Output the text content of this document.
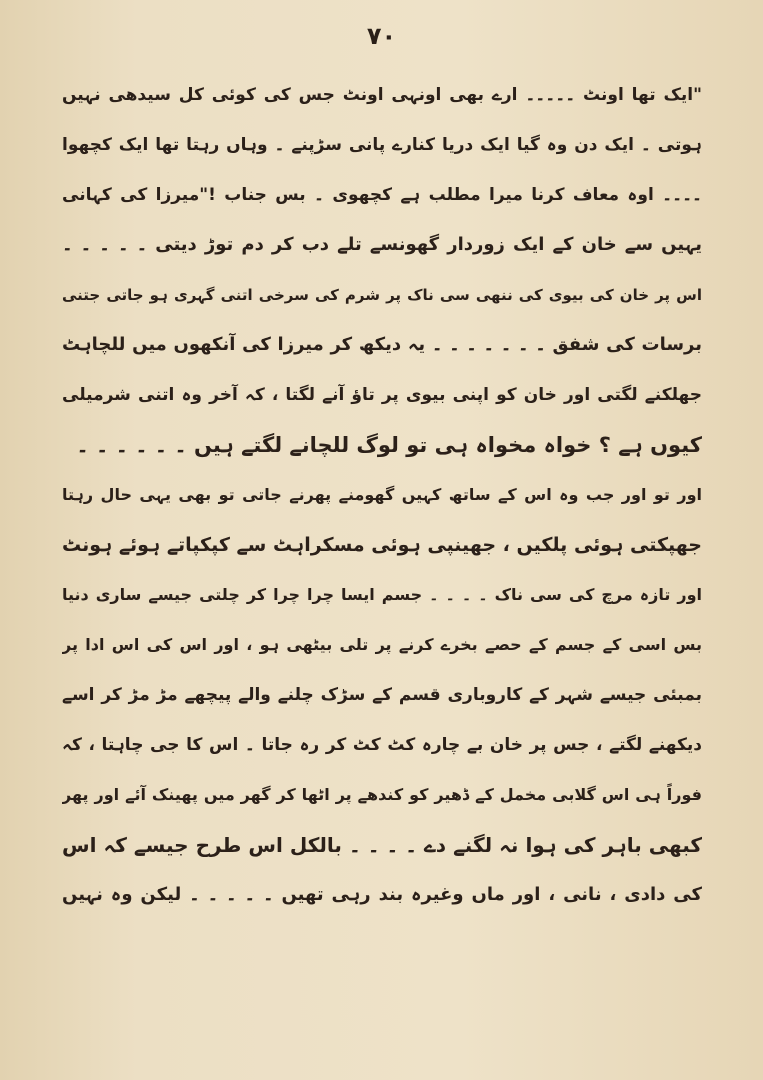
۷۰
"ایک تھا اونٹ ۔۔۔۔۔ ارے بھی اونہی اونٹ جس کی کوئی کل سیدھی نہیں
ہوتی ۔ ایک دن وہ گیا ایک دریا کنارے پانی سڑپنے ۔ وہاں رہتا تھا ایک کچھوا
۔۔۔۔ اوہ معاف کرنا میرا مطلب ہے کچھوی ۔ بس جناب !"میرزا کی کہانی
یہیں سے خان کے ایک زوردار گھونسے تلے دب کر دم توڑ دیتی ۔ ۔ ۔ ۔ ۔
اس پر خان کی بیوی کی ننھی سی ناک پر شرم کی سرخی اتنی گہری ہو جاتی جتنی
برسات کی شفق ۔ ۔ ۔ ۔ ۔ ۔ ۔ یہ دیکھ کر میرزا کی آنکھوں میں للچاہٹ
جھلکنے لگتی اور خان کو اپنی بیوی پر تاؤ آنے لگتا ، کہ آخر وہ اتنی شرمیلی
کیوں ہے ؟ خواہ مخواہ ہی تو لوگ للچانے لگتے ہیں ۔ ۔ ۔ ۔ ۔ ۔
اور تو اور جب وہ اس کے ساتھ کہیں گھومنے پھرنے جاتی تو بھی یہی حال رہتا
جھپکتی ہوئی پلکیں ، جھینپی ہوئی مسکراہٹ سے کپکپاتے ہوئے ہونٹ
اور تازہ مرچ کی سی ناک ۔ ۔ ۔ ۔ جسم ایسا چرا چرا کر چلتی جیسے ساری دنیا
بس اسی کے جسم کے حصے بخرے کرنے پر تلی بیٹھی ہو ، اور اس کی اس ادا پر
بمبئی جیسے شہر کے کاروباری قسم کے سڑک چلنے والے پیچھے مڑ مڑ کر اسے
دیکھنے لگتے ، جس پر خان بے چارہ کٹ کٹ کر رہ جاتا ۔ اس کا جی چاہتا ، کہ
فوراً ہی اس گلابی مخمل کے ڈھیر کو کندھے پر اٹھا کر گھر میں پھینک آئے اور پھر
کبھی باہر کی ہوا نہ لگنے دے ۔ ۔ ۔ ۔ بالکل اس طرح جیسے کہ اس
کی دادی ، نانی ، اور ماں وغیرہ بند رہی تھیں ۔ ۔ ۔ ۔ ۔ لیکن وہ نہیں
